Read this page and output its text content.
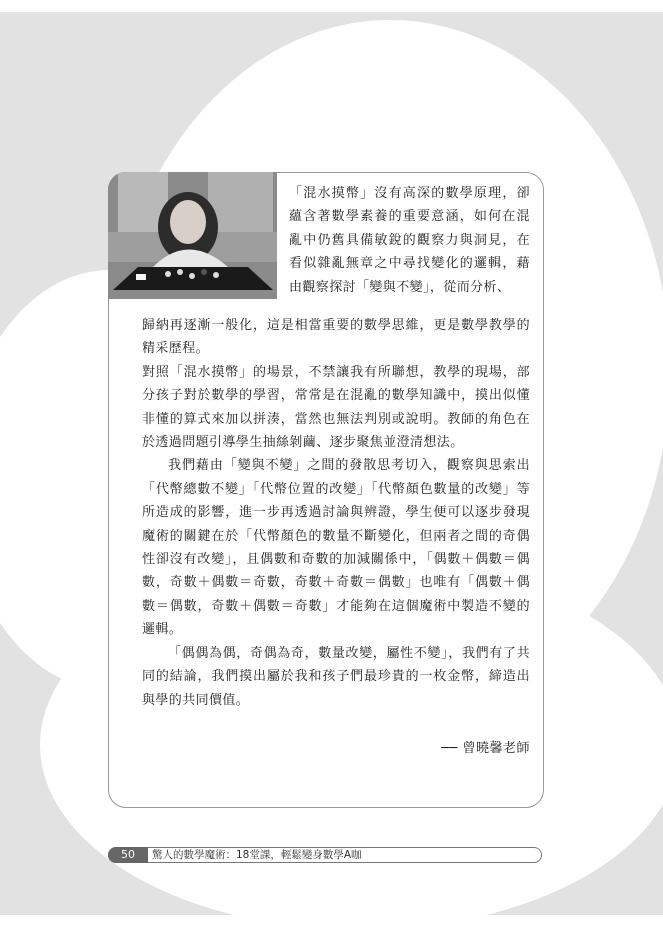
「混水摸幣」沒有高深的數學原理，卻蘊含著數學素養的重要意涵，如何在混亂中仍舊具備敏銳的觀察力與洞見，在看似雜亂無章之中尋找變化的邏輯，藉由觀察探討「變與不變」，從而分析、

歸納再逐漸一般化，這是相當重要的數學思維，更是數學教學的精采歷程。

對照「混水摸幣」的場景，不禁讓我有所聯想，教學的現場，部分孩子對於數學的學習，常常是在混亂的數學知識中，摸出似懂非懂的算式來加以拼湊，當然也無法判別或說明。教師的角色在於透過問題引導學生抽絲剝繭、逐步聚焦並澄清想法。

我們藉由「變與不變」之間的發散思考切入，觀察與思索出「代幣總數不變」「代幣位置的改變」「代幣顏色數量的改變」等所造成的影響，進一步再透過討論與辨證，學生便可以逐步發現魔術的關鍵在於「代幣顏色的數量不斷變化，但兩者之間的奇偶性卻沒有改變」，且偶數和奇數的加減關係中，「偶數＋偶數＝偶數，奇數＋偶數＝奇數，奇數＋奇數＝偶數」也唯有「偶數＋偶數＝偶數，奇數＋偶數＝奇數」才能夠在這個魔術中製造不變的邏輯。

「偶偶為偶，奇偶為奇，數量改變，屬性不變」，我們有了共同的結論，我們摸出屬於我和孩子們最珍貴的一枚金幣，締造出與學的共同價值。

── 曾曉馨老師
50	驚人的數學魔術：18堂課，輕鬆變身數學A咖
